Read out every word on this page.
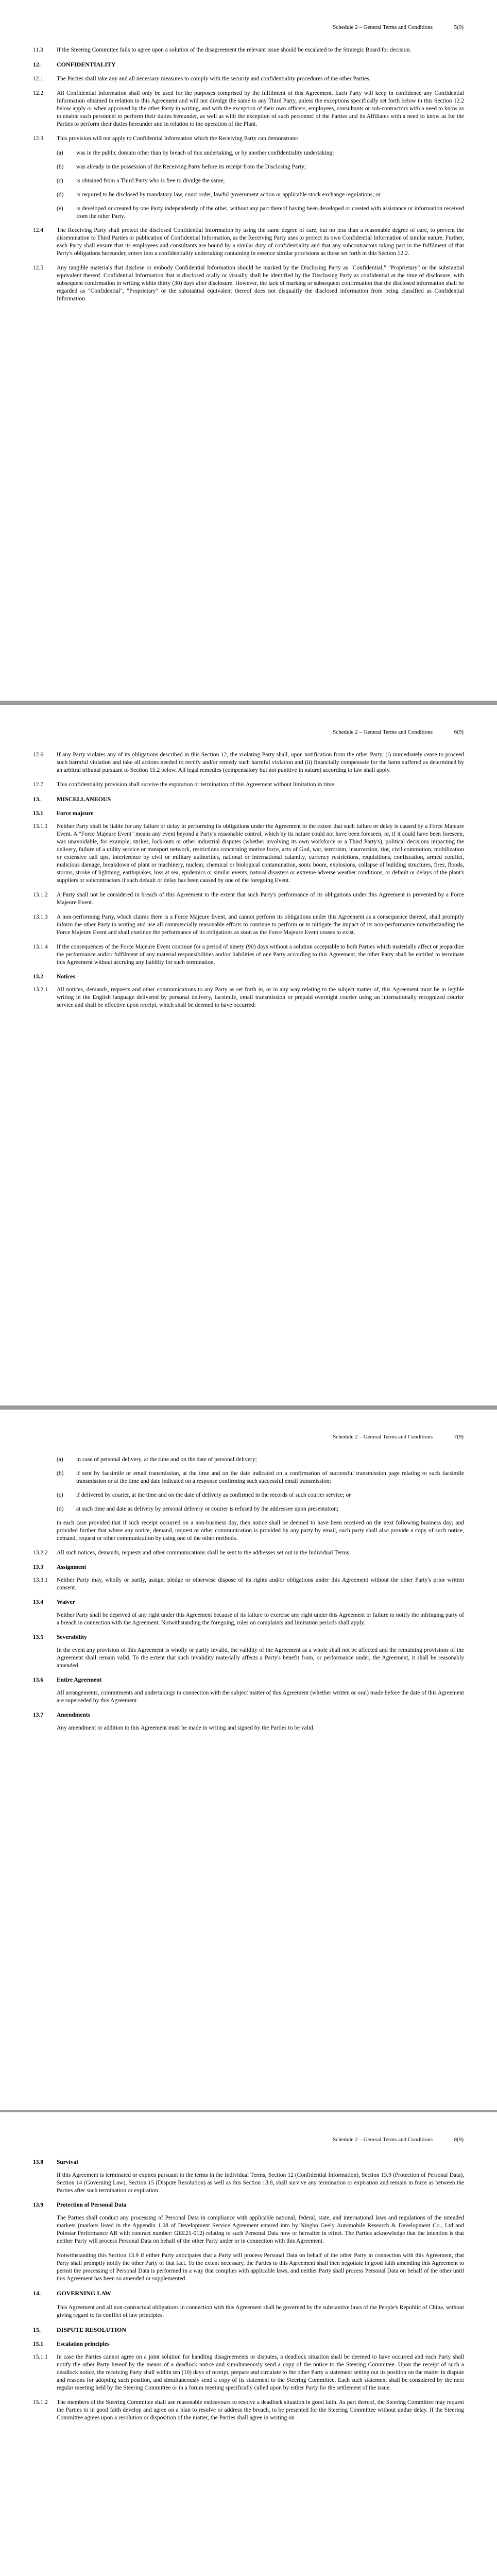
Schedule 2 – General Terms and Conditions	5(9)
11.3	If the Steering Committee fails to agree upon a solution of the disagreement the relevant issue should be escalated to the Strategic Board for decision.
12.	CONFIDENTIALITY
12.1	The Parties shall take any and all necessary measures to comply with the security and confidentiality procedures of the other Parties.
12.2	All Confidential Information shall only be used for the purposes comprised by the fulfilment of this Agreement. Each Party will keep in confidence any Confidential Information obtained in relation to this Agreement and will not divulge the same to any Third Party, unless the exceptions specifically set forth below in this Section 12.2 below apply or when approved by the other Party in writing, and with the exception of their own officers, employees, consultants or sub-contractors with a need to know as to enable such personnel to perform their duties hereunder, as well as with the exception of such personnel of the Parties and its Affiliates with a need to know as for the Parties to perform their duties hereunder and in relation to the operation of the Plant.
12.3	This provision will not apply to Confidential Information which the Receiving Party can demonstrate:
(a)	was in the public domain other than by breach of this undertaking, or by another confidentiality undertaking;
(b)	was already in the possession of the Receiving Party before its receipt from the Disclosing Party;
(c)	is obtained from a Third Party who is free to divulge the same;
(d)	is required to be disclosed by mandatory law, court order, lawful government action or applicable stock exchange regulations; or
(e)	is developed or created by one Party independently of the other, without any part thereof having been developed or created with assistance or information received from the other Party.
12.4	The Receiving Party shall protect the disclosed Confidential Information by using the same degree of care, but no less than a reasonable degree of care, to prevent the dissemination to Third Parties or publication of Confidential Information, as the Receiving Party uses to protect its own Confidential Information of similar nature. Further, each Party shall ensure that its employees and consultants are bound by a similar duty of confidentiality and that any subcontractors taking part in the fulfilment of that Party's obligations hereunder, enters into a confidentiality undertaking containing in essence similar provisions as those set forth in this Section 12.2.
12.5	Any tangible materials that disclose or embody Confidential Information should be marked by the Disclosing Party as "Confidential," "Proprietary" or the substantial equivalent thereof. Confidential Information that is disclosed orally or visually shall be identified by the Disclosing Party as confidential at the time of disclosure, with subsequent confirmation in writing within thirty (30) days after disclosure. However, the lack of marking or subsequent confirmation that the disclosed information shall be regarded as "Confidential", "Proprietary" or the substantial equivalent thereof does not disqualify the disclosed information from being classified as Confidential Information.
Schedule 2 – General Terms and Conditions	6(9)
12.6	If any Party violates any of its obligations described in this Section 12, the violating Party shall, upon notification from the other Party, (i) immediately cease to proceed such harmful violation and take all actions needed to rectify and/or remedy such harmful violation and (ii) financially compensate for the harm suffered as determined by an arbitral tribunal pursuant to Section 15.2 below. All legal remedies (compensatory but not punitive in nature) according to law shall apply.
12.7	This confidentiality provision shall survive the expiration or termination of this Agreement without limitation in time.
13.	MISCELLANEOUS
13.1	Force majeure
13.1.1	Neither Party shall be liable for any failure or delay in performing its obligations under the Agreement to the extent that such failure or delay is caused by a Force Majeure Event. A "Force Majeure Event" means any event beyond a Party's reasonable control, which by its nature could not have been foreseen, or, if it could have been foreseen, was unavoidable, for example; strikes, lock-outs or other industrial disputes (whether involving its own workforce or a Third Party's), political decisions impacting the delivery, failure of a utility service or transport network, restrictions concerning motive force, acts of God, war, terrorism, insurrection, riot, civil commotion, mobilization or extensive call ups, interference by civil or military authorities, national or international calamity, currency restrictions, requisitions, confiscation, armed conflict, malicious damage, breakdown of plant or machinery, nuclear, chemical or biological contamination, sonic boom, explosions, collapse of building structures, fires, floods, storms, stroke of lightning, earthquakes, loss at sea, epidemics or similar events, natural disasters or extreme adverse weather conditions, or default or delays of the plant's suppliers or subcontractors if such default or delay has been caused by one of the foregoing Event.
13.1.2	A Party shall not be considered in breach of this Agreement to the extent that such Party's performance of its obligations under this Agreement is prevented by a Force Majeure Event.
13.1.3	A non-performing Party, which claims there is a Force Majeure Event, and cannot perform its obligations under this Agreement as a consequence thereof, shall promptly inform the other Party in writing and use all commercially reasonable efforts to continue to perform or to mitigate the impact of its non-performance notwithstanding the Force Majeure Event and shall continue the performance of its obligations as soon as the Force Majeure Event ceases to exist.
13.1.4	If the consequences of the Force Majeure Event continue for a period of ninety (90) days without a solution acceptable to both Parties which materially affect or jeopardize the performance and/or fulfilment of any material responsibilities and/or liabilities of one Party according to this Agreement, the other Party shall be entitled to terminate this Agreement without accruing any liability for such termination.
13.2	Notices
13.2.1	All notices, demands, requests and other communications to any Party as set forth in, or in any way relating to the subject matter of, this Agreement must be in legible writing in the English language delivered by personal delivery, facsimile, email transmission or prepaid overnight courier using an internationally recognized courier service and shall be effective upon receipt, which shall be deemed to have occurred:
Schedule 2 – General Terms and Conditions	7(9)
(a)	in case of personal delivery, at the time and on the date of personal delivery;
(b)	if sent by facsimile or email transmission, at the time and on the date indicated on a confirmation of successful transmission page relating to such facsimile transmission or at the time and date indicated on a response confirming such successful email transmission;
(c)	if delivered by courier, at the time and on the date of delivery as confirmed in the records of such courier service; or
(d)	at such time and date as delivery by personal delivery or courier is refused by the addressee upon presentation;
in each case provided that if such receipt occurred on a non-business day, then notice shall be deemed to have been received on the next following business day; and provided further that where any notice, demand, request or other communication is provided by any party by email, such party shall also provide a copy of such notice, demand, request or other communication by using one of the other methods.
13.2.2	All such notices, demands, requests and other communications shall be sent to the addresses set out in the Individual Terms.
13.3	Assignment
13.3.1	Neither Party may, wholly or partly, assign, pledge or otherwise dispose of its rights and/or obligations under this Agreement without the other Party's prior written consent.
13.4	Waiver
Neither Party shall be deprived of any right under this Agreement because of its failure to exercise any right under this Agreement or failure to notify the infringing party of a breach in connection with the Agreement. Notwithstanding the foregoing, rules on complaints and limitation periods shall apply.
13.5	Severability
In the event any provision of this Agreement is wholly or partly invalid, the validity of the Agreement as a whole shall not be affected and the remaining provisions of the Agreement shall remain valid. To the extent that such invalidity materially affects a Party's benefit from, or performance under, the Agreement, it shall be reasonably amended.
13.6	Entire Agreement
All arrangements, commitments and undertakings in connection with the subject matter of this Agreement (whether written or oral) made before the date of this Agreement are superseded by this Agreement.
13.7	Amendments
Any amendment or addition to this Agreement must be made in writing and signed by the Parties to be valid.
Schedule 2 – General Terms and Conditions	8(9)
13.8	Survival
If this Agreement is terminated or expires pursuant to the terms in the Individual Terms, Section 12 (Confidential Information), Section 13.9 (Protection of Personal Data), Section 14 (Governing Law), Section 15 (Dispute Resolution) as well as this Section 13.8, shall survive any termination or expiration and remain in force as between the Parties after such termination or expiration.
13.9	Protection of Personal Data
The Parties shall conduct any processing of Personal Data in compliance with applicable national, federal, state, and international laws and regulations of the intended markets (markets listed in the Appendix 1.08 of Development Service Agreement entered into by Ningbo Geely Automobile Research & Development Co., Ltd and Polestar Performance AB with contract number: GEE21-012) relating to such Personal Data now or hereafter in effect. The Parties acknowledge that the intention is that neither Party will process Personal Data on behalf of the other Party under or in connection with this Agreement.
Notwithstanding this Section 13.9 if either Party anticipates that a Party will process Personal Data on behalf of the other Party in connection with this Agreement, that Party shall promptly notify the other Party of that fact. To the extent necessary, the Parties to this Agreement shall then negotiate in good faith amending this Agreement to permit the processing of Personal Data is performed in a way that complies with applicable laws, and neither Party shall process Personal Data on behalf of the other until this Agreement has been so amended or supplemented.
14.	GOVERNING LAW
This Agreement and all non-contractual obligations in connection with this Agreement shall be governed by the substantive laws of the People's Republic of China, without giving regard to its conflict of law principles.
15.	DISPUTE RESOLUTION
15.1	Escalation principles
15.1.1	In case the Parties cannot agree on a joint solution for handling disagreements or disputes, a deadlock situation shall be deemed to have occurred and each Party shall notify the other Party hereof by the means of a deadlock notice and simultaneously send a copy of the notice to the Steering Committee. Upon the receipt of such a deadlock notice, the receiving Party shall within ten (10) days of receipt, prepare and circulate to the other Party a statement setting out its position on the matter in dispute and reasons for adopting such position, and simultaneously send a copy of its statement to the Steering Committee. Each such statement shall be considered by the next regular meeting held by the Steering Committee or in a forum meeting specifically called upon by either Party for the settlement of the issue.
15.1.2	The members of the Steering Committee shall use reasonable endeavours to resolve a deadlock situation in good faith. As part thereof, the Steering Committee may request the Parties to in good faith develop and agree on a plan to resolve or address the breach, to be presented for the Steering Committee without undue delay. If the Steering Committee agrees upon a resolution or disposition of the matter, the Parties shall agree in writing on
